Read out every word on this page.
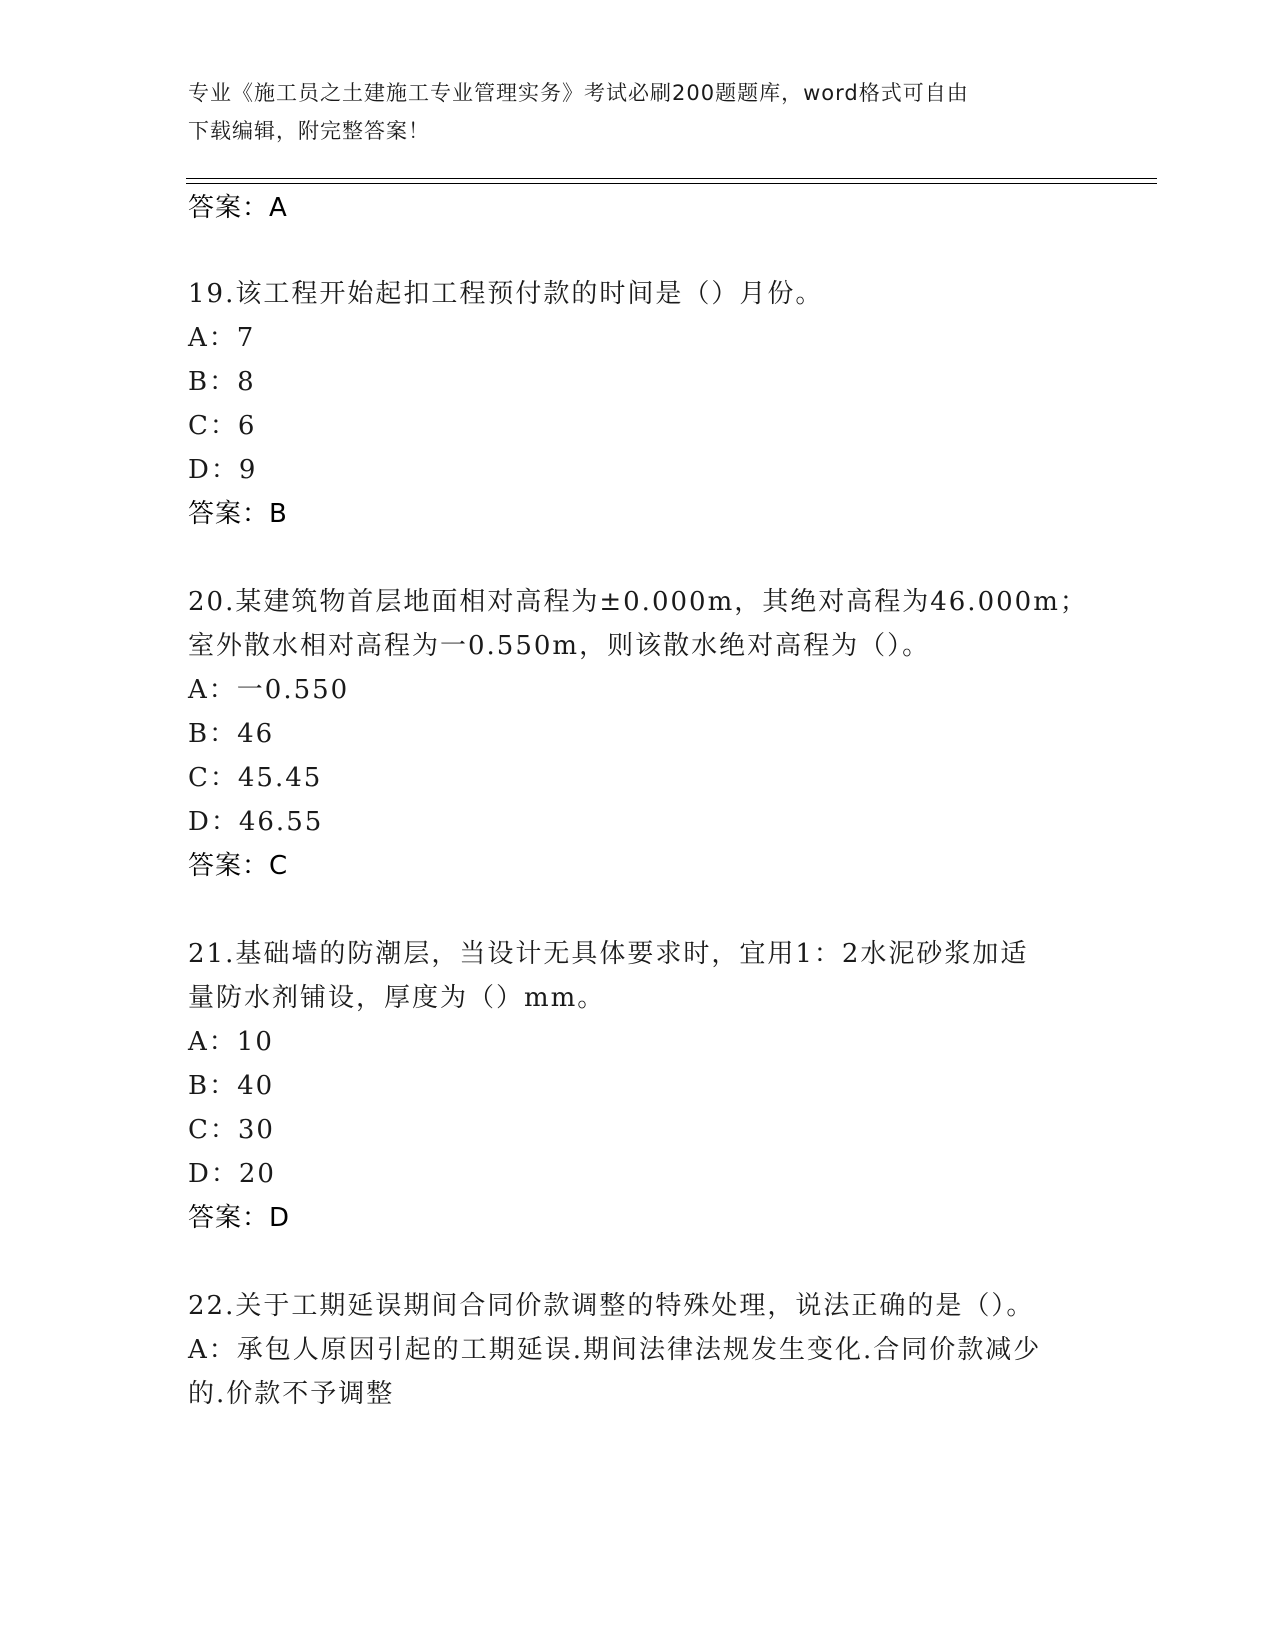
专业《施工员之土建施工专业管理实务》考试必刷200题题库，word格式可自由
下载编辑，附完整答案！
答案：A
19.该工程开始起扣工程预付款的时间是（）月份。
A：7
B：8
C：6
D：9
答案：B
20.某建筑物首层地面相对高程为±0.000m，其绝对高程为46.000m；
室外散水相对高程为一0.550m，则该散水绝对高程为（）。
A：一0.550
B：46
C：45.45
D：46.55
答案：C
21.基础墙的防潮层，当设计无具体要求时，宜用1：2水泥砂浆加适
量防水剂铺设，厚度为（）mm。
A：10
B：40
C：30
D：20
答案：D
22.关于工期延误期间合同价款调整的特殊处理，说法正确的是（）。
A：承包人原因引起的工期延误.期间法律法规发生变化.合同价款减少
的.价款不予调整
